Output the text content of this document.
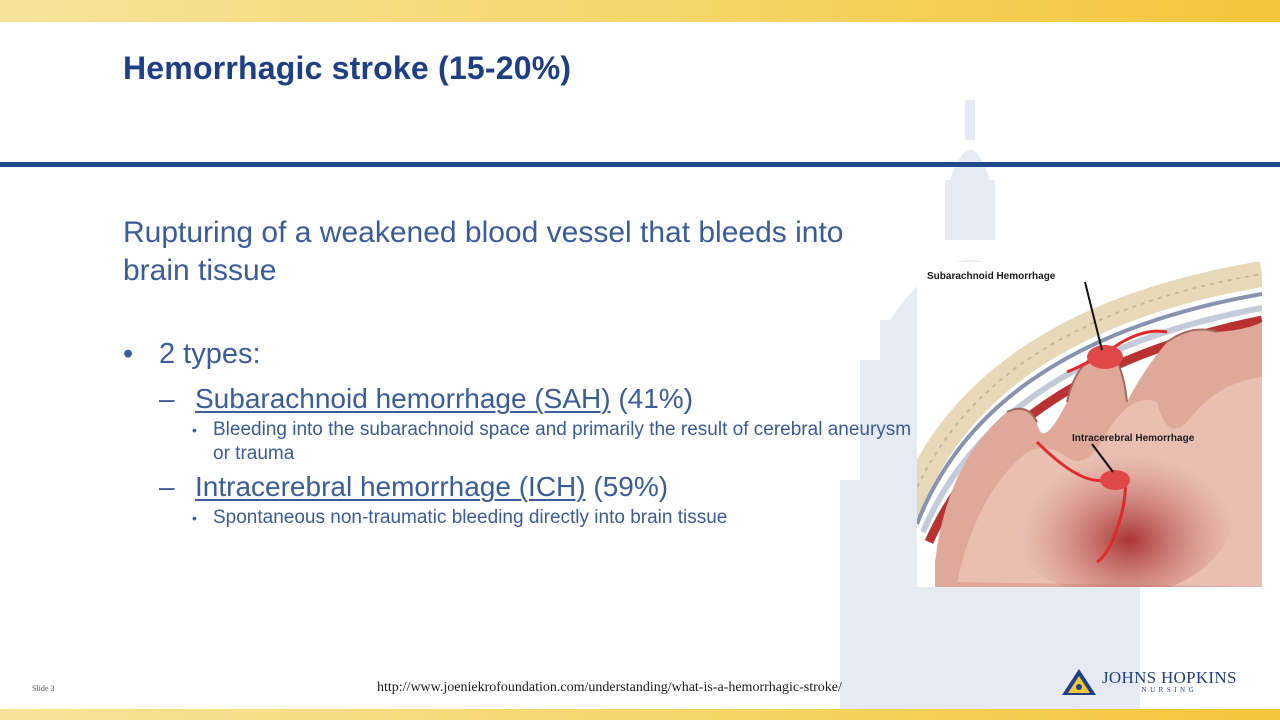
Hemorrhagic stroke (15-20%)
Rupturing of a weakened blood vessel that bleeds into brain tissue
• 2 types:
– Subarachnoid hemorrhage (SAH) (41%)
• Bleeding into the subarachnoid space and primarily the result of cerebral aneurysm or trauma
– Intracerebral hemorrhage (ICH) (59%)
• Spontaneous non-traumatic bleeding directly into brain tissue
Subarachnoid Hemorrhage
Intracerebral Hemorrhage
Slide 3	http://www.joeniekrofoundation.com/understanding/what-is-a-hemorrhagic-stroke/
JOHNS HOPKINS
NURSING
